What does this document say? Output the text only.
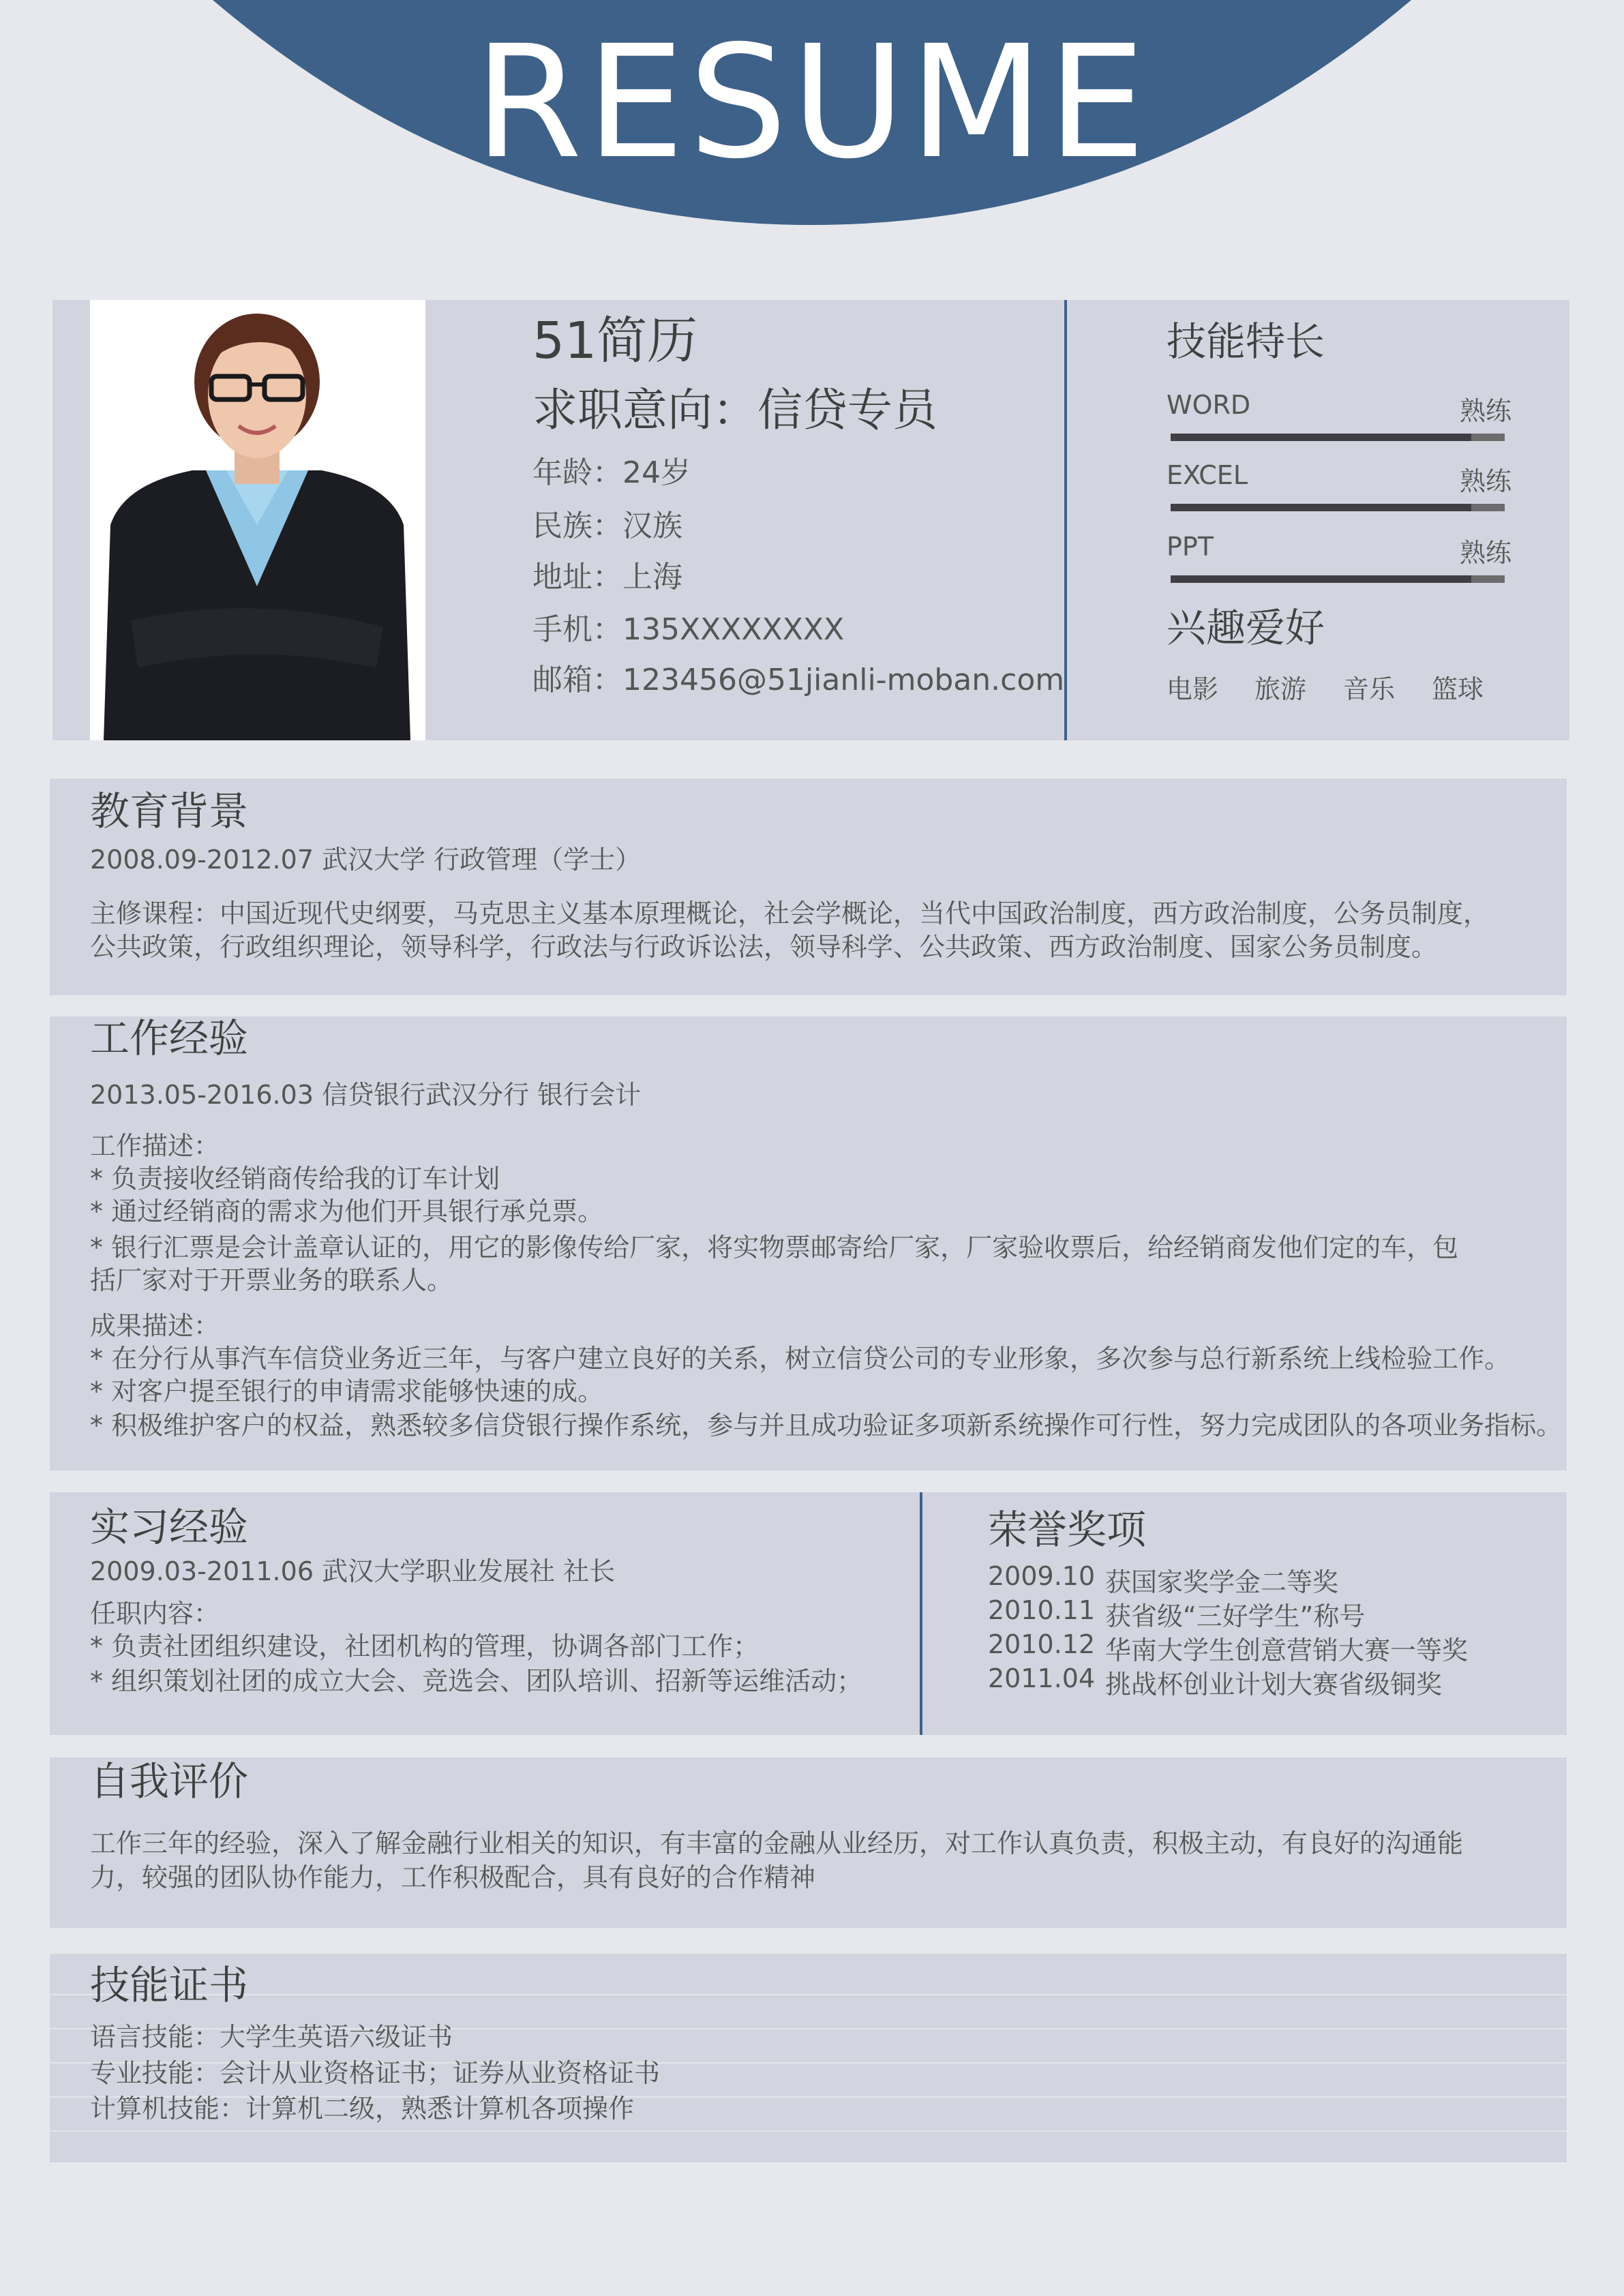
RESUME
51简历
求职意向：信贷专员
年龄：24岁
民族：汉族
地址：上海
手机：135XXXXXXXX
邮箱：123456@51jianli-moban.com
技能特长
WORD	熟练
EXCEL	熟练
PPT	熟练
兴趣爱好
电影 旅游 音乐 篮球
教育背景
2008.09-2012.07 武汉大学 行政管理（学士）
主修课程：中国近现代史纲要，马克思主义基本原理概论，社会学概论，当代中国政治制度，西方政治制度，公务员制度，
公共政策，行政组织理论，领导科学，行政法与行政诉讼法，领导科学、公共政策、西方政治制度、国家公务员制度。
工作经验
2013.05-2016.03 信贷银行武汉分行 银行会计
工作描述：
* 负责接收经销商传给我的订车计划
* 通过经销商的需求为他们开具银行承兑票。
* 银行汇票是会计盖章认证的，用它的影像传给厂家，将实物票邮寄给厂家，厂家验收票后，给经销商发他们定的车，包
括厂家对于开票业务的联系人。
成果描述：
* 在分行从事汽车信贷业务近三年，与客户建立良好的关系，树立信贷公司的专业形象，多次参与总行新系统上线检验工作。
* 对客户提至银行的申请需求能够快速的成。
* 积极维护客户的权益，熟悉较多信贷银行操作系统，参与并且成功验证多项新系统操作可行性，努力完成团队的各项业务指标。
实习经验
2009.03-2011.06 武汉大学职业发展社 社长
任职内容：
* 负责社团组织建设，社团机构的管理，协调各部门工作；
* 组织策划社团的成立大会、竞选会、团队培训、招新等运维活动；
荣誉奖项
2009.10 获国家奖学金二等奖
2010.11 获省级“三好学生”称号
2010.12 华南大学生创意营销大赛一等奖
2011.04 挑战杯创业计划大赛省级铜奖
自我评价
工作三年的经验，深入了解金融行业相关的知识，有丰富的金融从业经历，对工作认真负责，积极主动，有良好的沟通能
力，较强的团队协作能力，工作积极配合，具有良好的合作精神
技能证书
语言技能：大学生英语六级证书
专业技能：会计从业资格证书；证券从业资格证书
计算机技能：计算机二级，熟悉计算机各项操作
